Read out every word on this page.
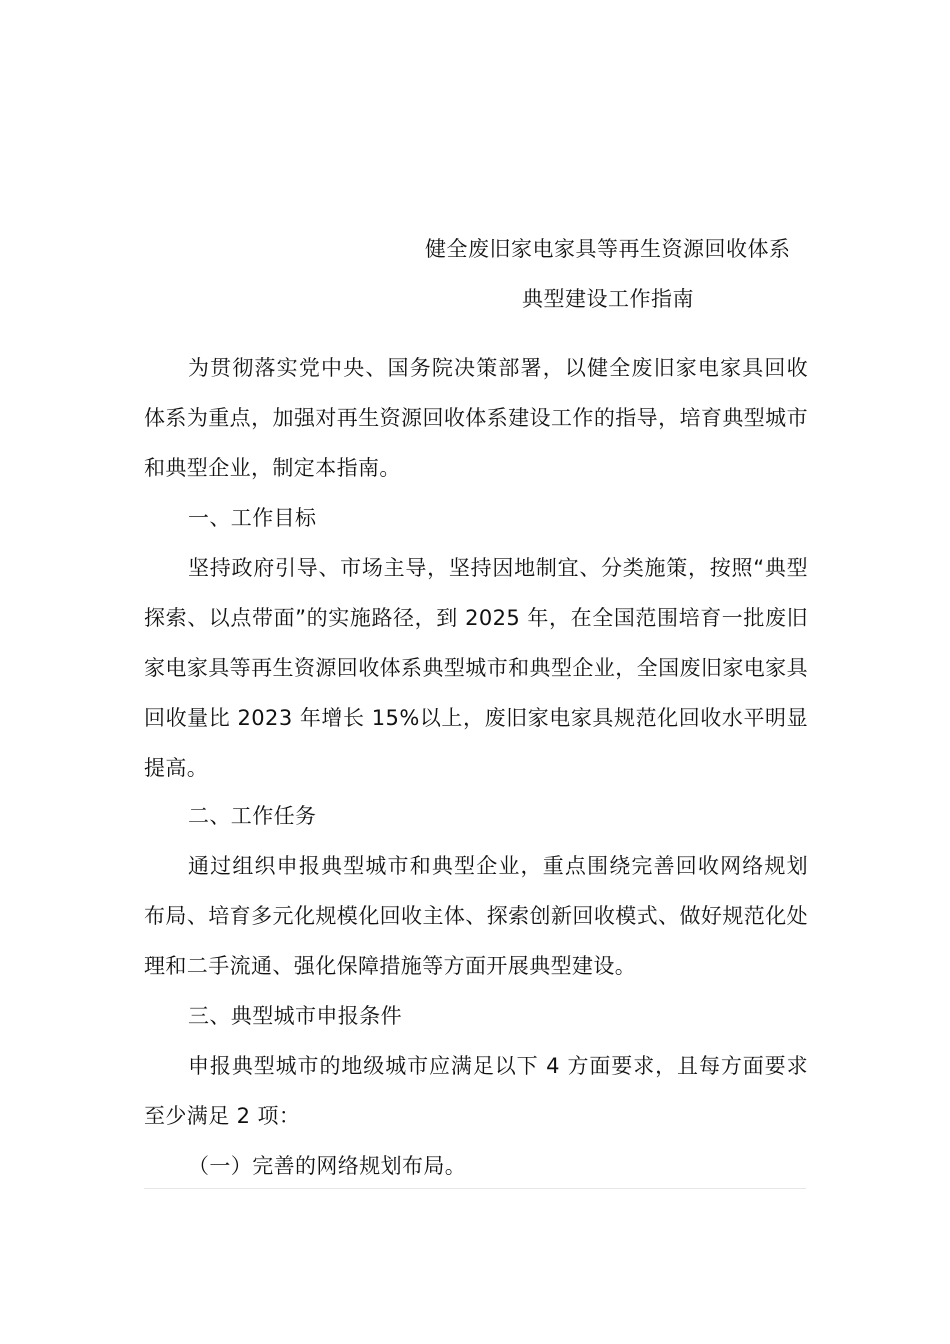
健全废旧家电家具等再生资源回收体系
典型建设工作指南
为贯彻落实党中央、国务院决策部署，以健全废旧家电家具回收体系为重点，加强对再生资源回收体系建设工作的指导，培育典型城市和典型企业，制定本指南。
一、工作目标
坚持政府引导、市场主导，坚持因地制宜、分类施策，按照“典型探索、以点带面”的实施路径，到 2025 年，在全国范围培育一批废旧家电家具等再生资源回收体系典型城市和典型企业，全国废旧家电家具回收量比 2023 年增长 15%以上，废旧家电家具规范化回收水平明显提高。
二、工作任务
通过组织申报典型城市和典型企业，重点围绕完善回收网络规划布局、培育多元化规模化回收主体、探索创新回收模式、做好规范化处理和二手流通、强化保障措施等方面开展典型建设。
三、典型城市申报条件
申报典型城市的地级城市应满足以下 4 方面要求，且每方面要求至少满足 2 项：
（一）完善的网络规划布局。
